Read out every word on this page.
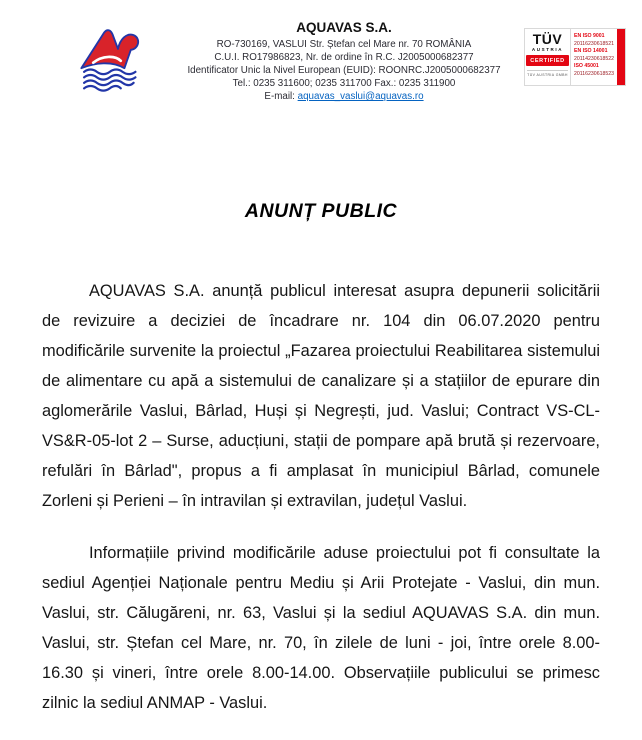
AQUAVAS S.A.
RO-730169, VASLUI Str. Ștefan cel Mare nr. 70 ROMÂNIA
C.U.I. RO17986823, Nr. de ordine în R.C. J2005000682377
Identificator Unic la Nivel European (EUID): ROONRC.J2005000682377
Tel.: 0235 311600; 0235 311700 Fax.: 0235 311900
E-mail: aquavas_vaslui@aquavas.ro
TÜV
AUSTRIA
CERTIFIED
TÜV AUSTRIA GMBH
EN ISO 9001
20116230618521
EN ISO 14001
20114230618522
ISO 45001
20116230618523
ANUNȚ PUBLIC

AQUAVAS S.A. anunță publicul interesat asupra depunerii solicitării de revizuire a deciziei de încadrare nr. 104 din 06.07.2020 pentru modificările survenite la proiectul „Fazarea proiectului Reabilitarea sistemului de alimentare cu apă a sistemului de canalizare și a stațiilor de epurare din aglomerările Vaslui, Bârlad, Huși și Negrești, jud. Vaslui; Contract VS-CL-VS&R-05-lot 2 – Surse, aducțiuni, stații de pompare apă brută și rezervoare, refulări în Bârlad", propus a fi amplasat în municipiul Bârlad, comunele Zorleni și Perieni – în intravilan și extravilan, județul Vaslui.

Informațiile privind modificările aduse proiectului pot fi consultate la sediul Agenției Naționale pentru Mediu și Arii Protejate - Vaslui, din mun. Vaslui, str. Călugăreni, nr. 63, Vaslui și la sediul AQUAVAS S.A. din mun. Vaslui, str. Ștefan cel Mare, nr. 70, în zilele de luni - joi, între orele 8.00-16.30 și vineri, între orele 8.00-14.00. Observațiile publicului se primesc zilnic la sediul ANMAP - Vaslui.
